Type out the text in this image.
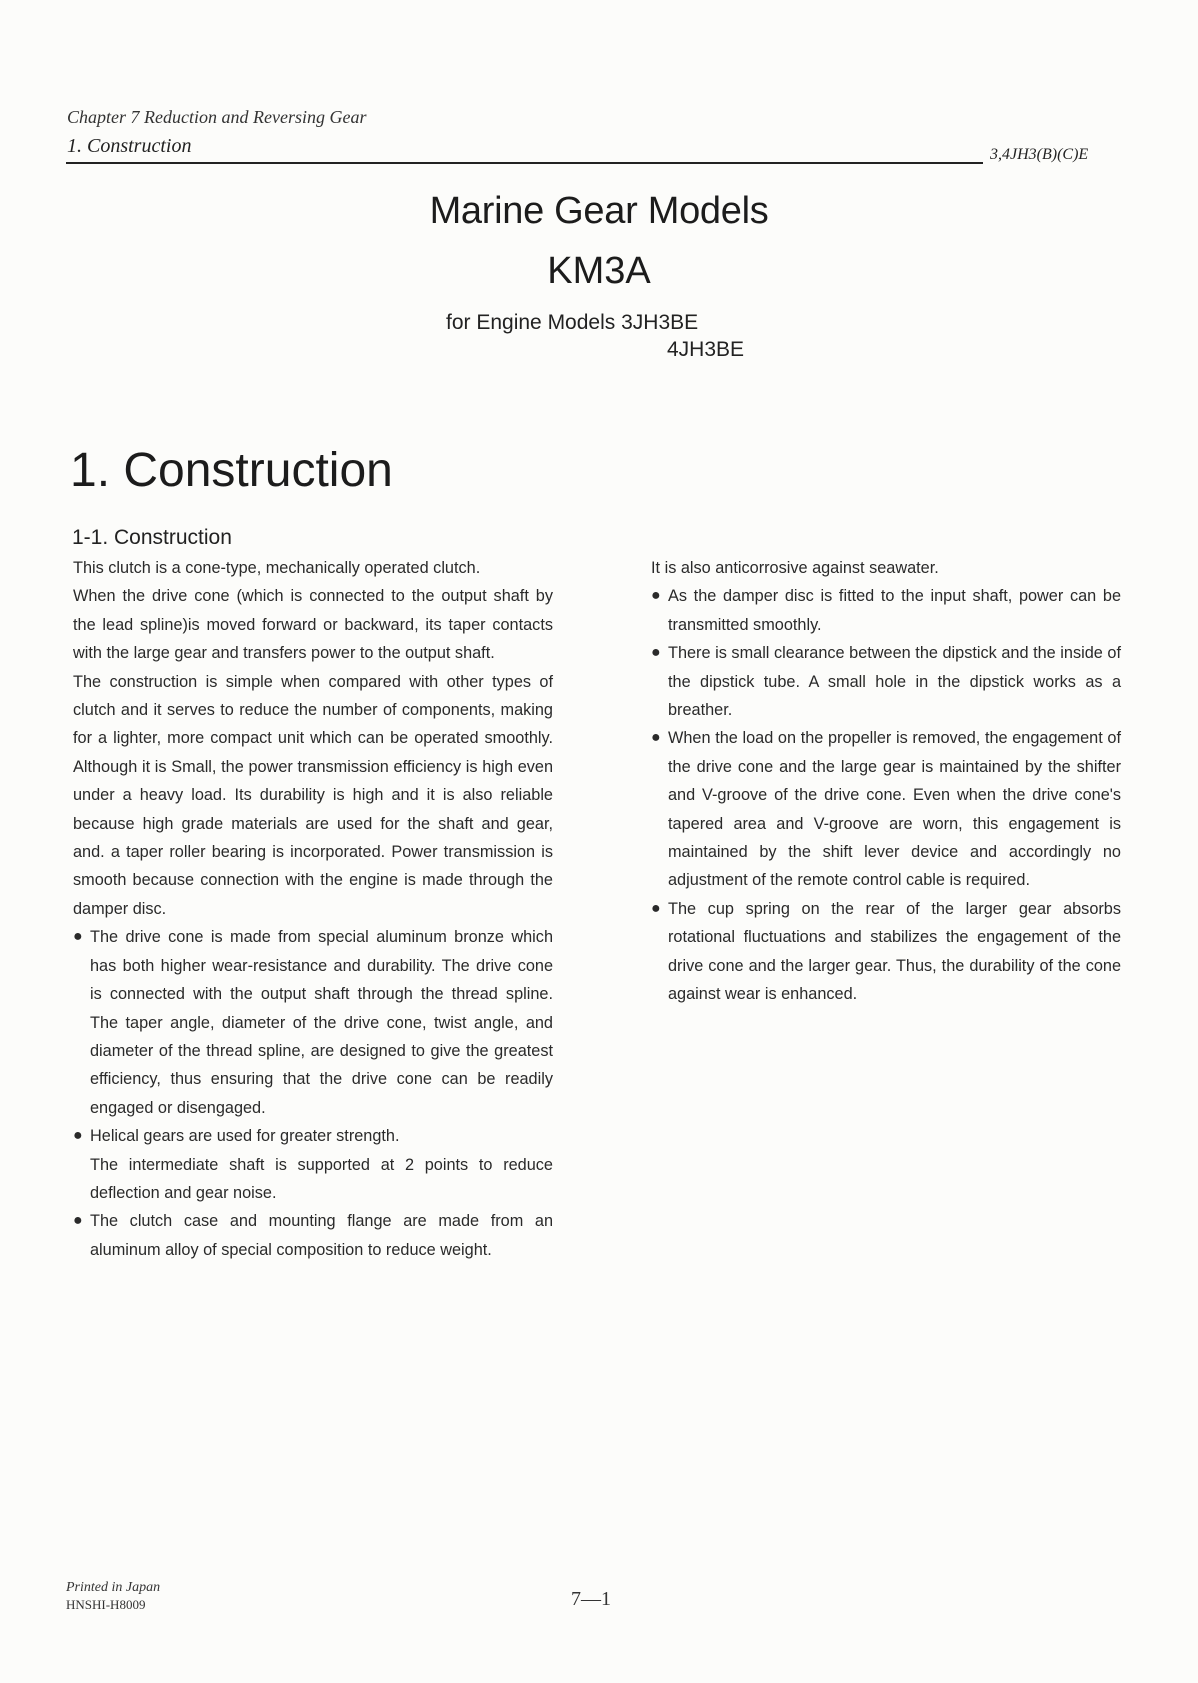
Chapter 7 Reduction and Reversing Gear
1. Construction	3,4JH3(B)(C)E
Marine Gear Models
KM3A
for Engine Models 3JH3BE
4JH3BE
1. Construction
1-1. Construction

This clutch is a cone-type, mechanically operated clutch.

When the drive cone (which is connected to the output shaft by the lead spline)is moved forward or backward, its taper contacts with the large gear and transfers power to the output shaft.

The construction is simple when compared with other types of clutch and it serves to reduce the number of components, making for a lighter, more compact unit which can be operated smoothly. Although it is Small, the power transmission efficiency is high even under a heavy load. Its durability is high and it is also reliable because high grade materials are used for the shaft and gear, and. a taper roller bearing is incorporated. Power transmission is smooth because connection with the engine is made through the damper disc.

● The drive cone is made from special aluminum bronze which has both higher wear-resistance and durability. The drive cone is connected with the output shaft through the thread spline. The taper angle, diameter of the drive cone, twist angle, and diameter of the thread spline, are designed to give the greatest efficiency, thus ensuring that the drive cone can be readily engaged or disengaged.
● Helical gears are used for greater strength.

The intermediate shaft is supported at 2 points to reduce deflection and gear noise.

● The clutch case and mounting flange are made from an aluminum alloy of special composition to reduce weight.

It is also anticorrosive against seawater.

● As the damper disc is fitted to the input shaft, power can be transmitted smoothly.
● There is small clearance between the dipstick and the inside of the dipstick tube. A small hole in the dipstick works as a breather.
● When the load on the propeller is removed, the engagement of the drive cone and the large gear is maintained by the shifter and V-groove of the drive cone. Even when the drive cone's tapered area and V-groove are worn, this engagement is maintained by the shift lever device and accordingly no adjustment of the remote control cable is required.
● The cup spring on the rear of the larger gear absorbs rotational fluctuations and stabilizes the engagement of the drive cone and the larger gear. Thus, the durability of the cone against wear is enhanced.
Printed in Japan
HNSHI-H8009	7—1
